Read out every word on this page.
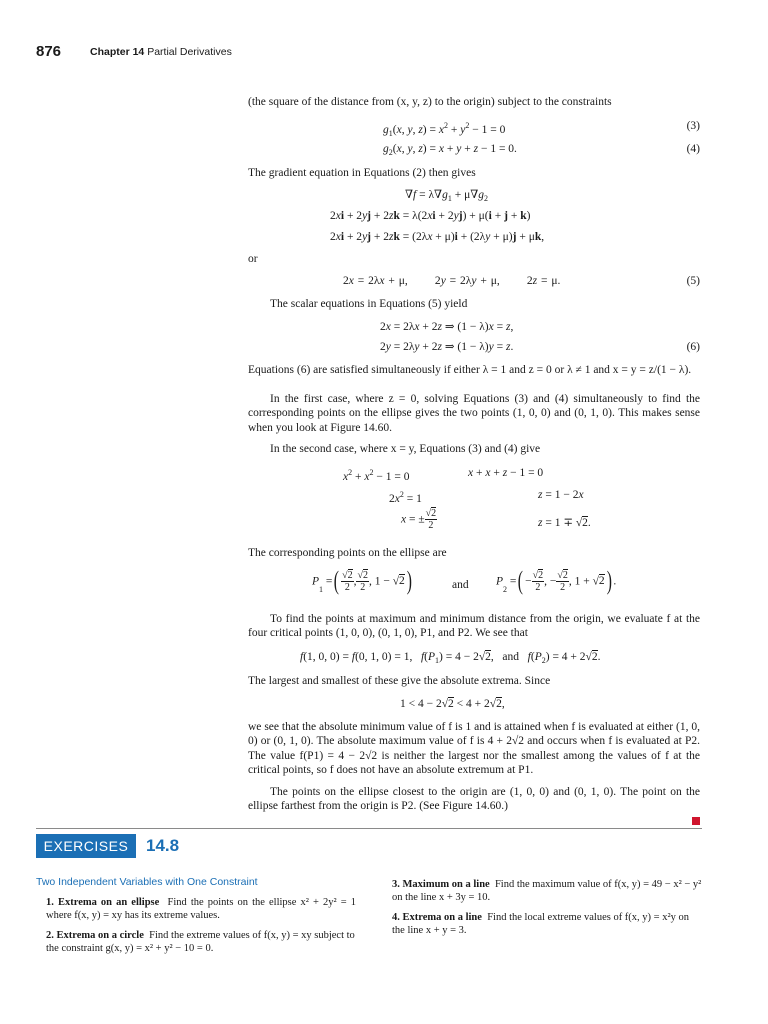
876	Chapter 14 Partial Derivatives
(the square of the distance from (x, y, z) to the origin) subject to the constraints
$g_1(x$, y, $z) = x^2 + y^2 - 1 = 0$	(3)
$g_2(x$, y, z) = x + y + z − 1 = 0.	(4)
The gradient equation in Equations (2) then gives
$\nabla f = \lambda\nabla g_1 + \mu\nabla g_2$
2xi + 2yj + 2zk = λ(2xi + 2yj) + μ(i + j + k)
2xi + 2yj + 2zk = (2λx + μ)i + (2λy + μ)j + μk,
or
2x = 2λx + μ,       2y = 2λy + μ,       2z = μ.	(5)
The scalar equations in Equations (5) yield
2x = 2λx + 2z ⇒ (1 − λ)x = z,
2y = 2λy + 2z ⇒ (1 − λ)y = z.	(6)
Equations (6) are satisfied simultaneously if either λ = 1 and z = 0 or λ ≠ 1 and x = y = z/(1 − λ).
In the first case, where z = 0, solving Equations (3) and (4) simultaneously to find the corresponding points on the ellipse gives the two points (1, 0, 0) and (0, 1, 0). This makes sense when you look at Figure 14.60.
In the second case, where x = y, Equations (3) and (4) give
$x^2 + x^2 - 1 = 0$	x + x + z − 1 = 0
$2x^2 = 1$	z = 1 − 2x
x = ± $\frac{√2}{2}$	z = 1 ∓ √2.
The corresponding points on the ellipse are
$P_1$ =( $\frac{√2}{2}$ , $\frac{√2}{2}$ , 1 − √2)	and $P_2$ =( − $\frac{√2}{2}$ , − $\frac{√2}{2}$ , 1 + √2) .
To find the points at maximum and minimum distance from the origin, we evaluate f at the four critical points (1, 0, 0), (0, 1, 0), P1, and P2. We see that
f(1, 0, 0) = f(0, 1, 0) = 1,   $f(P_1) = 4 - 2√2$,   and   $f(P_2) = 4 + 2√2$.
The largest and smallest of these give the absolute extrema. Since
1 < 4 − 2√2 < 4 + 2√2,
we see that the absolute minimum value of f is 1 and is attained when f is evaluated at either (1, 0, 0) or (0, 1, 0). The absolute maximum value of f is 4 + 2√2 and occurs when f is evaluated at P2. The value f(P1) = 4 − 2√2 is neither the largest nor the smallest among the values of f at the critical points, so f does not have an absolute extremum at P1.
The points on the ellipse closest to the origin are (1, 0, 0) and (0, 1, 0). The point on the ellipse farthest from the origin is P2. (See Figure 14.60.)
EXERCISES	14.8
Two Independent Variables with One Constraint
1. Extrema on an ellipse Find the points on the ellipse x² + 2y² = 1 where f(x, y) = xy has its extreme values.
2. Extrema on a circle Find the extreme values of f(x, y) = xy subject to the constraint g(x, y) = x² + y² − 10 = 0.
3. Maximum on a line Find the maximum value of f(x, y) = 49 − x² − y² on the line x + 3y = 10.
4. Extrema on a line Find the local extreme values of f(x, y) = x²y on the line x + y = 3.
